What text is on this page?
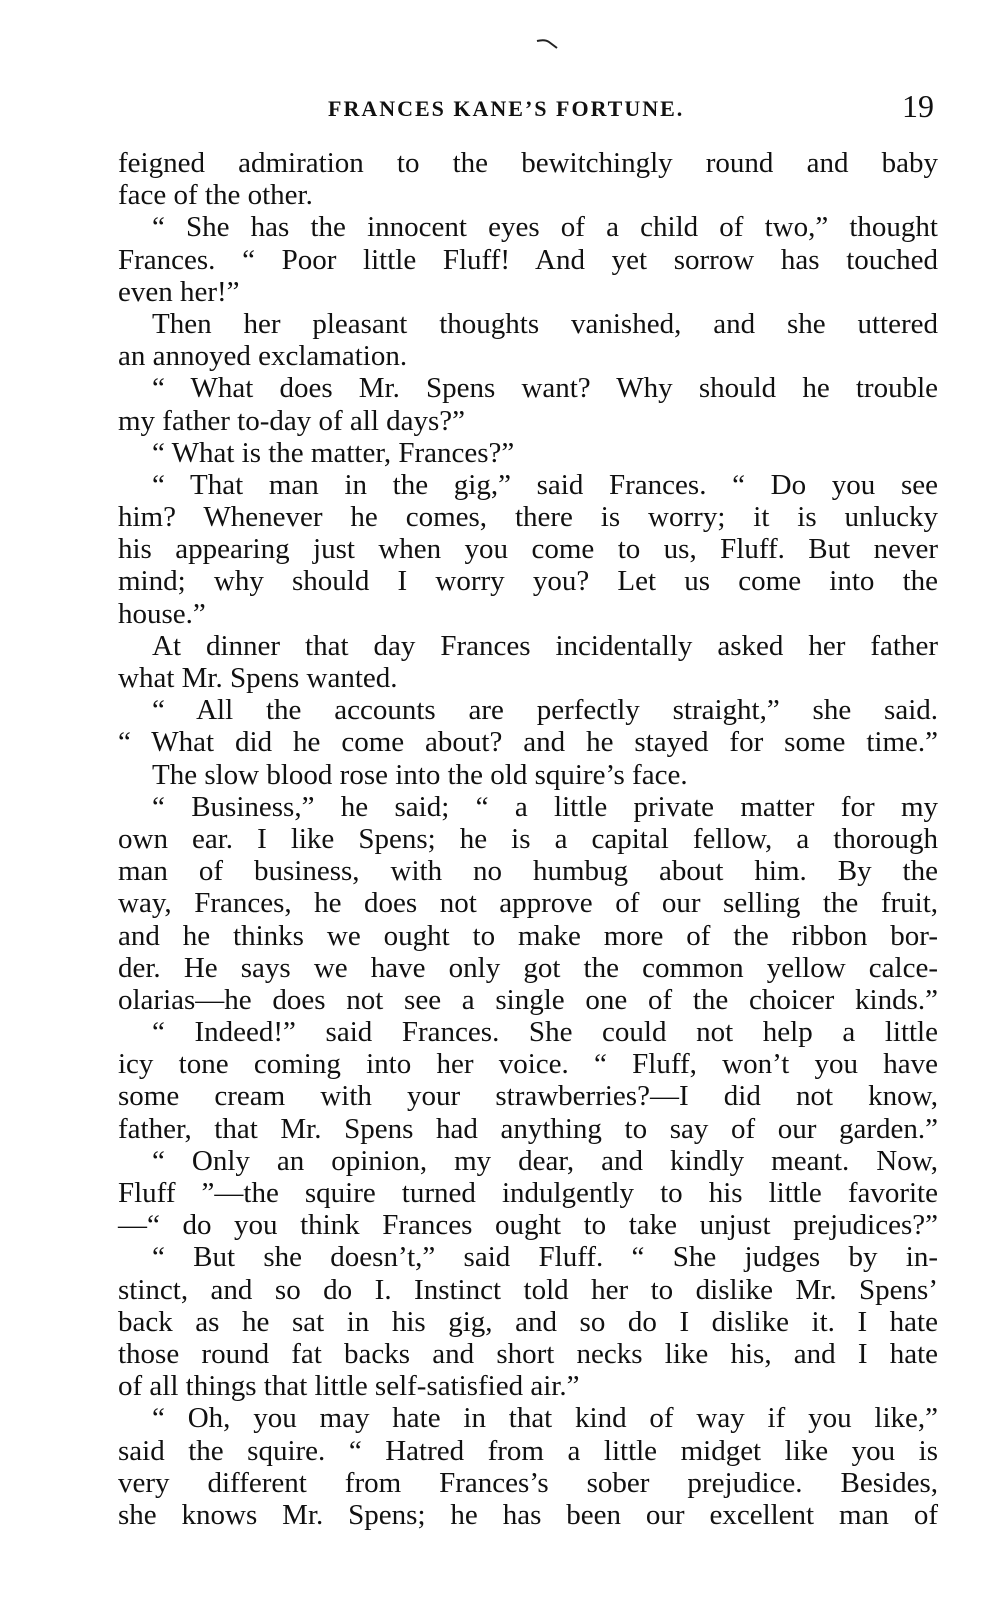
FRANCES KANE’S FORTUNE.	19
feigned admiration to the bewitchingly round and baby
face of the other.
“ She has the innocent eyes of a child of two,” thought
Frances. “ Poor little Fluff! And yet sorrow has touched
even her!”
Then her pleasant thoughts vanished, and she uttered
an annoyed exclamation.
“ What does Mr. Spens want? Why should he trouble
my father to-day of all days?”
“ What is the matter, Frances?”
“ That man in the gig,” said Frances. “ Do you see
him? Whenever he comes, there is worry; it is unlucky
his appearing just when you come to us, Fluff. But never
mind; why should I worry you? Let us come into the
house.”
At dinner that day Frances incidentally asked her father
what Mr. Spens wanted.
“ All the accounts are perfectly straight,” she said.
“ What did he come about? and he stayed for some time.”
The slow blood rose into the old squire’s face.
“ Business,” he said; “ a little private matter for my
own ear. I like Spens; he is a capital fellow, a thorough
man of business, with no humbug about him. By the
way, Frances, he does not approve of our selling the fruit,
and he thinks we ought to make more of the ribbon bor-
der. He says we have only got the common yellow calce-
olarias—he does not see a single one of the choicer kinds.”
“ Indeed!” said Frances. She could not help a little
icy tone coming into her voice. “ Fluff, won’t you have
some cream with your strawberries?—I did not know,
father, that Mr. Spens had anything to say of our garden.”
“ Only an opinion, my dear, and kindly meant. Now,
Fluff ”—the squire turned indulgently to his little favorite
—“ do you think Frances ought to take unjust prejudices?”
“ But she doesn’t,” said Fluff. “ She judges by in-
stinct, and so do I. Instinct told her to dislike Mr. Spens’
back as he sat in his gig, and so do I dislike it. I hate
those round fat backs and short necks like his, and I hate
of all things that little self-satisfied air.”
“ Oh, you may hate in that kind of way if you like,”
said the squire. “ Hatred from a little midget like you is
very different from Frances’s sober prejudice. Besides,
she knows Mr. Spens; he has been our excellent man of
